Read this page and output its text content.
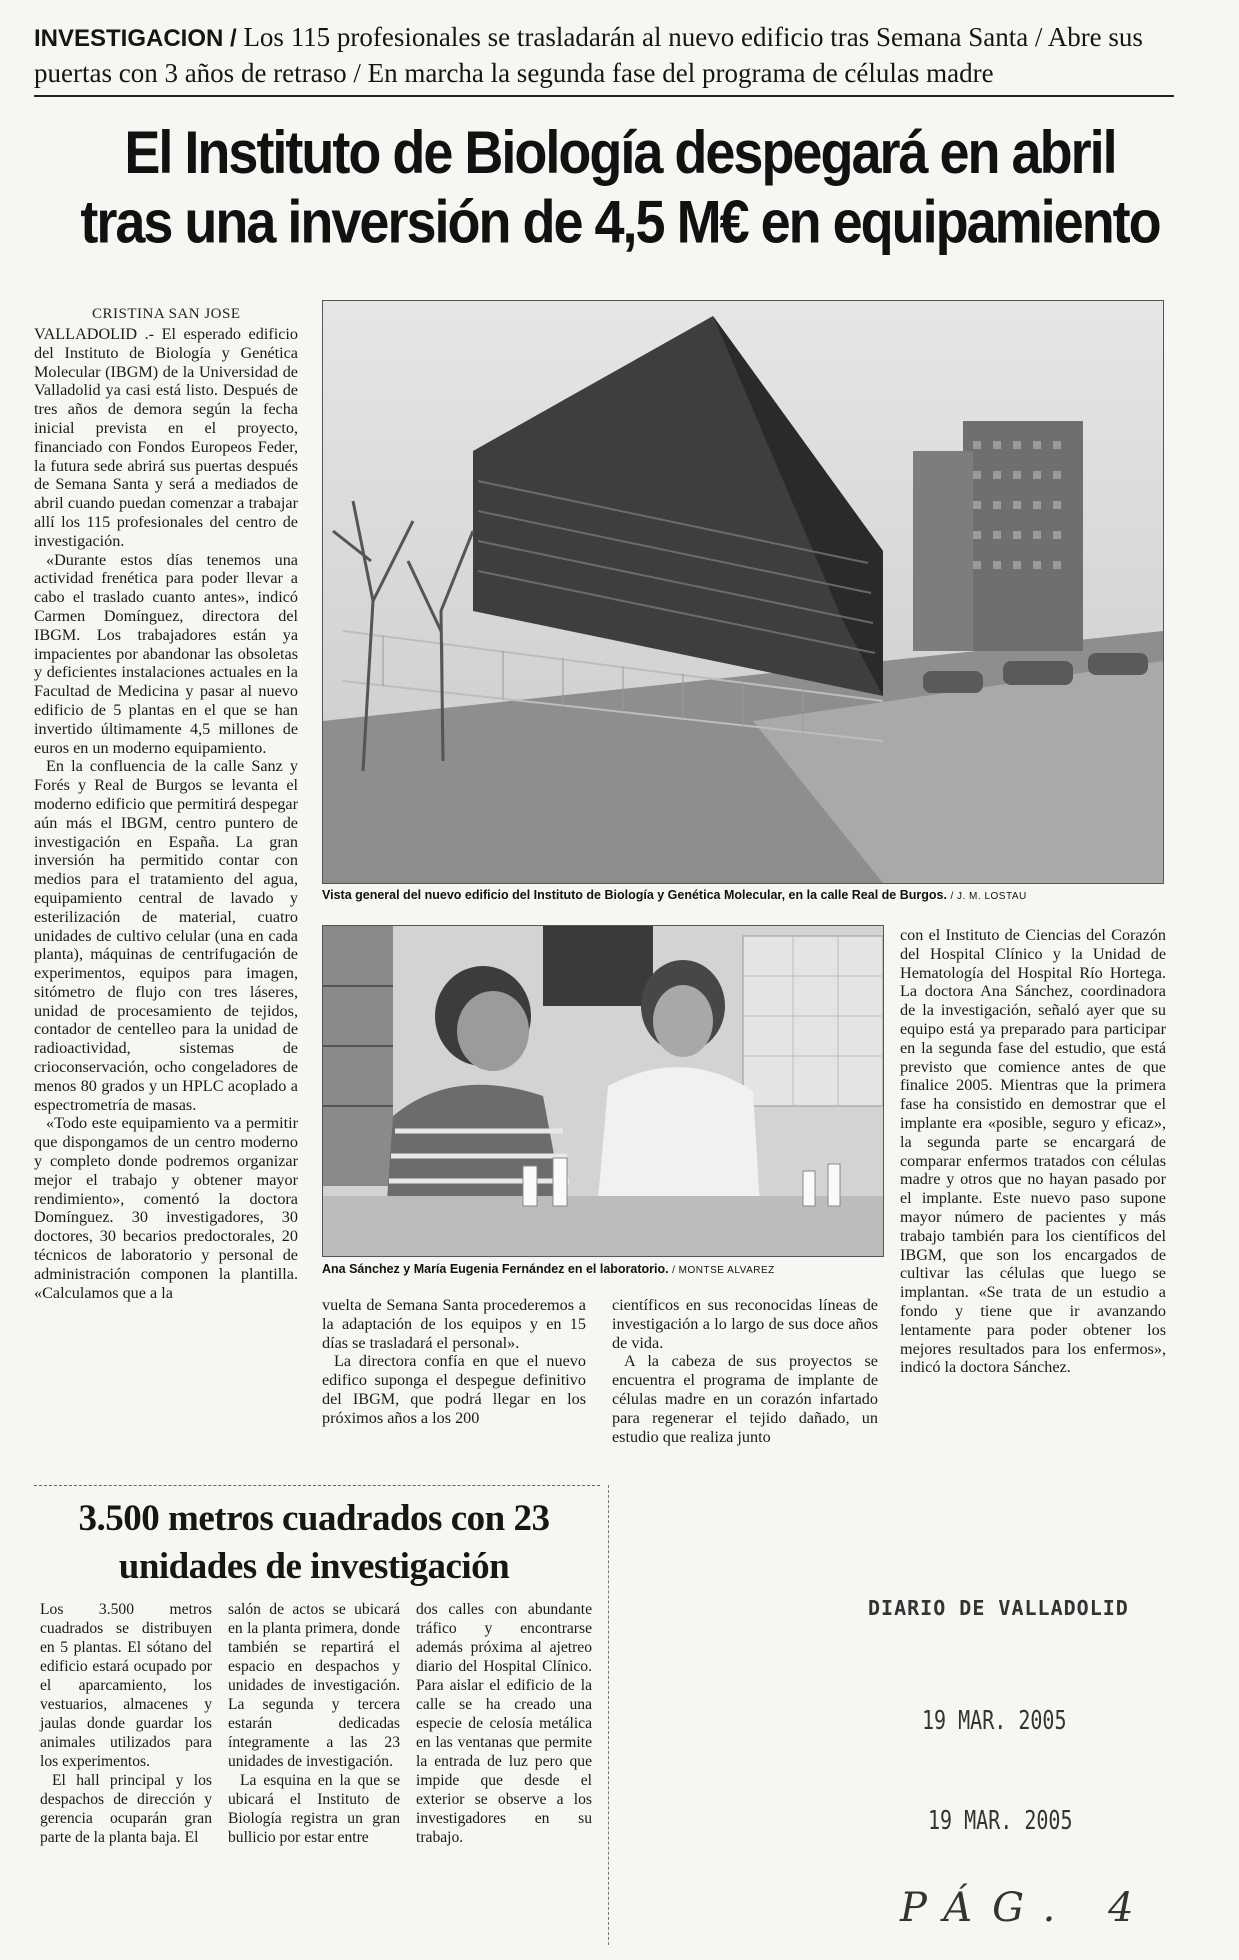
INVESTIGACION / Los 115 profesionales se trasladarán al nuevo edificio tras Semana Santa / Abre sus puertas con 3 años de retraso / En marcha la segunda fase del programa de células madre
El Instituto de Biología despegará en abril
tras una inversión de 4,5 M€ en equipamiento
CRISTINA SAN JOSE

VALLADOLID .- El esperado edificio del Instituto de Biología y Genética Molecular (IBGM) de la Universidad de Valladolid ya casi está listo. Después de tres años de demora según la fecha inicial prevista en el proyecto, financiado con Fondos Europeos Feder, la futura sede abrirá sus puertas después de Semana Santa y será a mediados de abril cuando puedan comenzar a trabajar allí los 115 profesionales del centro de investigación.

«Durante estos días tenemos una actividad frenética para poder llevar a cabo el traslado cuanto antes», indicó Carmen Domínguez, directora del IBGM. Los trabajadores están ya impacientes por abandonar las obsoletas y deficientes instalaciones actuales en la Facultad de Medicina y pasar al nuevo edificio de 5 plantas en el que se han invertido últimamente 4,5 millones de euros en un moderno equipamiento.

En la confluencia de la calle Sanz y Forés y Real de Burgos se levanta el moderno edificio que permitirá despegar aún más el IBGM, centro puntero de investigación en España. La gran inversión ha permitido contar con medios para el tratamiento del agua, equipamiento central de lavado y esterilización de material, cuatro unidades de cultivo celular (una en cada planta), máquinas de centrifugación de experimentos, equipos para imagen, sitómetro de flujo con tres láseres, unidad de procesamiento de tejidos, contador de centelleo para la unidad de radioactividad, sistemas de crioconservación, ocho congeladores de menos 80 grados y un HPLC acoplado a espectrometría de masas.

«Todo este equipamiento va a permitir que dispongamos de un centro moderno y completo donde podremos organizar mejor el trabajo y obtener mayor rendimiento», comentó la doctora Domínguez. 30 investigadores, 30 doctores, 30 becarios predoctorales, 20 técnicos de laboratorio y personal de administración componen la plantilla. «Calculamos que a la

Vista general del nuevo edificio del Instituto de Biología y Genética Molecular, en la calle Real de Burgos. / J. M. LOSTAU
Ana Sánchez y María Eugenia Fernández en el laboratorio. / MONTSE ALVAREZ

vuelta de Semana Santa procederemos a la adaptación de los equipos y en 15 días se trasladará el personal».

La directora confía en que el nuevo edifico suponga el despegue definitivo del IBGM, que podrá llegar en los próximos años a los 200

científicos en sus reconocidas líneas de investigación a lo largo de sus doce años de vida.

A la cabeza de sus proyectos se encuentra el programa de implante de células madre en un corazón infartado para regenerar el tejido dañado, un estudio que realiza junto

con el Instituto de Ciencias del Corazón del Hospital Clínico y la Unidad de Hematología del Hospital Río Hortega. La doctora Ana Sánchez, coordinadora de la investigación, señaló ayer que su equipo está ya preparado para participar en la segunda fase del estudio, que está previsto que comience antes de que finalice 2005. Mientras que la primera fase ha consistido en demostrar que el implante era «posible, seguro y eficaz», la segunda parte se encargará de comparar enfermos tratados con células madre y otros que no hayan pasado por el implante. Este nuevo paso supone mayor número de pacientes y más trabajo también para los científicos del IBGM, que son los encargados de cultivar las células que luego se implantan. «Se trata de un estudio a fondo y tiene que ir avanzando lentamente para poder obtener los mejores resultados para los enfermos», indicó la doctora Sánchez.

3.500 metros cuadrados con 23 unidades de investigación

Los 3.500 metros cuadrados se distribuyen en 5 plantas. El sótano del edificio estará ocupado por el aparcamiento, los vestuarios, almacenes y jaulas donde guardar los animales utilizados para los experimentos.

El hall principal y los despachos de dirección y gerencia ocuparán gran parte de la planta baja. El

salón de actos se ubicará en la planta primera, donde también se repartirá el espacio en despachos y unidades de investigación. La segunda y tercera estarán dedicadas íntegramente a las 23 unidades de investigación.

La esquina en la que se ubicará el Instituto de Biología registra un gran bullicio por estar entre

dos calles con abundante tráfico y encontrarse además próxima al ajetreo diario del Hospital Clínico. Para aislar el edificio de la calle se ha creado una especie de celosía metálica en las ventanas que permite la entrada de luz pero que impide que desde el exterior se observe a los investigadores en su trabajo.

DIARIO DE VALLADOLID
19 MAR. 2005
19 MAR. 2005
PÁG. 4
